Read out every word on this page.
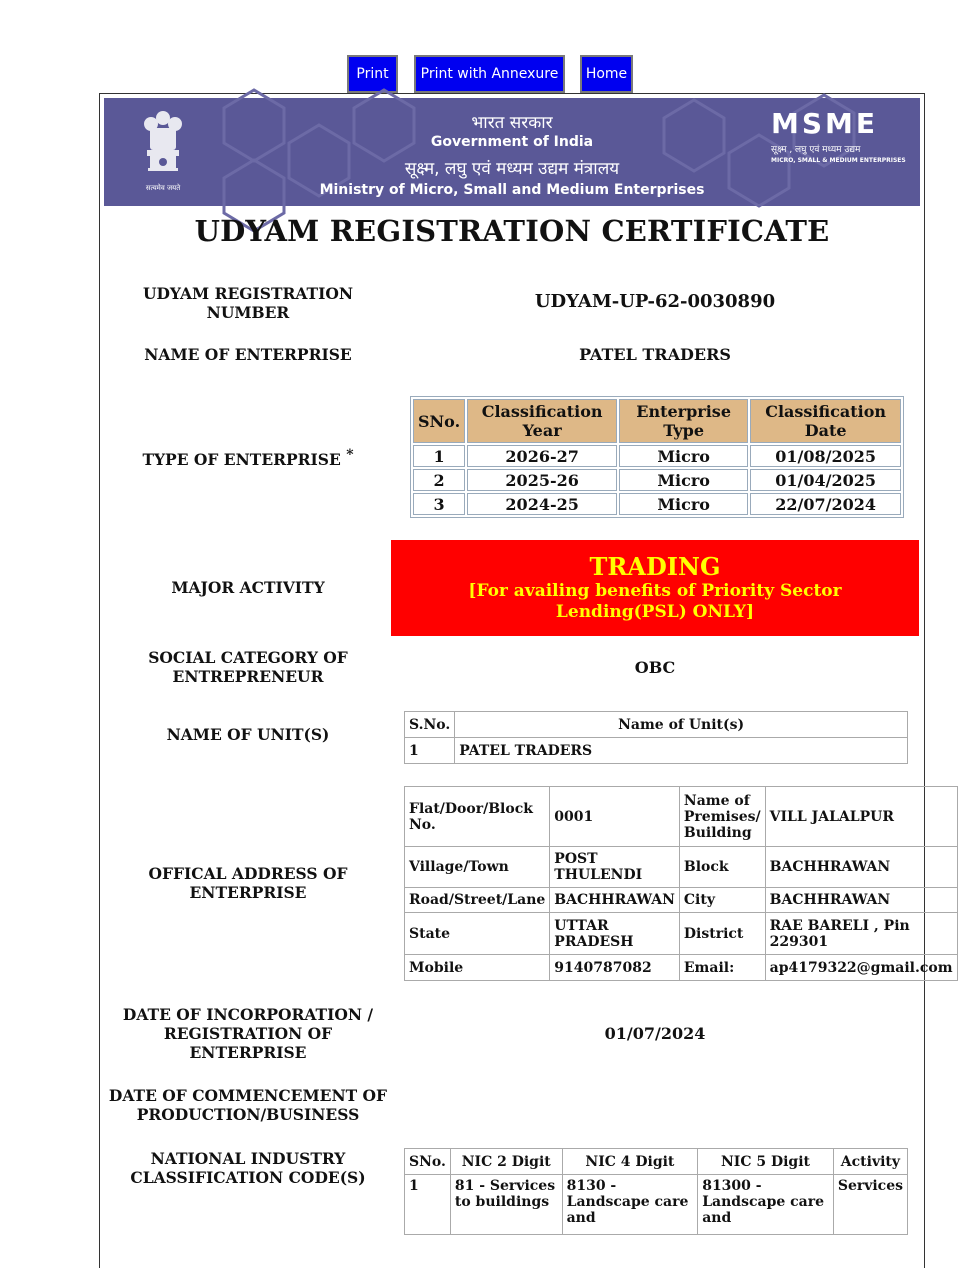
Print	Print with Annexure	Home
सत्यमेव जयते
भारत सरकार
Government of India
सूक्ष्म, लघु एवं मध्यम उद्यम मंत्रालय
Ministry of Micro, Small and Medium Enterprises
MSME
सूक्ष्म , लघु एवं मध्यम उद्यम
MICRO, SMALL & MEDIUM ENTERPRISES
UDYAM REGISTRATION CERTIFICATE
UDYAM REGISTRATION NUMBER
UDYAM-UP-62-0030890
NAME OF ENTERPRISE	PATEL TRADERS
TYPE OF ENTERPRISE *
SNo.	Classification Year	Enterprise Type	Classification Date
1	2026-27	Micro	01/08/2025
2	2025-26	Micro	01/04/2025
3	2024-25	Micro	22/07/2024
MAJOR ACTIVITY
TRADING
[For availing benefits of Priority Sector Lending(PSL) ONLY]
SOCIAL CATEGORY OF ENTREPRENEUR	OBC
NAME OF UNIT(S)
S.No.	Name of Unit(s)
1	PATEL TRADERS
OFFICAL ADDRESS OF ENTERPRISE
Flat/Door/Block No.	0001	Name of Premises/ Building	VILL JALALPUR
Village/Town	POST THULENDI	Block	BACHHRAWAN
Road/Street/Lane	BACHHRAWAN	City	BACHHRAWAN
State	UTTAR PRADESH	District	RAE BARELI , Pin 229301
Mobile	9140787082	Email:	ap4179322@gmail.com
DATE OF INCORPORATION / REGISTRATION OF ENTERPRISE
01/07/2024
DATE OF COMMENCEMENT OF PRODUCTION/BUSINESS
NATIONAL INDUSTRY CLASSIFICATION CODE(S)
SNo.	NIC 2 Digit	NIC 4 Digit	NIC 5 Digit	Activity
1	81 - Services to buildings	8130 - Landscape care and	81300 - Landscape care and	Services
